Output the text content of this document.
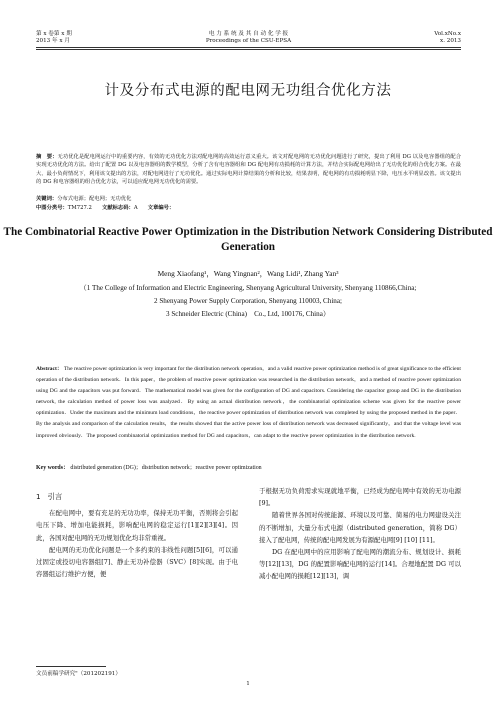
第 x 卷第 x 期
2013 年 x 月
电 力 系 统 及 其 自 动 化 学 报
Proceedings of the CSU-EPSA
Vol.xNo.x
x. 2013
计及分布式电源的配电网无功组合优化方法
摘　要：无功优化是配电网运行中的重要内容，有效的无功优化方法对配电网的高效运行意义重大。该文对配电网的无功优化问题进行了研究，提出了利用 DG 以及电容器组的配合实现无功优化的方法。给出了配置 DG 以及电容器组的数学模型，分析了含有电容器组和 DG 配电网有功损耗的计算方法，并结合实际配电网给出了无功优化的组合优化方案。在最大、最小负荷情况下，利用该文提出的方法，对配电网进行了无功优化。通过实际电网计算结果的分析和比较，结果表明，配电网的有功损耗明显下降，电压水平明显改善。该文提出的 DG 和电容器组的组合优化方法，可以适应配电网无功优化的需要。
关键词：分布式电源；配电网；无功优化
中图分类号：TM727.2 文献标志码：A 文章编号：
The Combinatorial Reactive Power Optimization in the Distribution Network Considering Distributed Generation
Meng Xiaofang¹，Wang Yingnan²，Wang Lidi¹, Zhang Yan³
（1 The College of Information and Electric Engineering, Shenyang Agricultural University, Shenyang 110866,China;
2 Shenyang Power Supply Corporation, Shenyang 110003, China;
3 Schneider Electric (China)　Co., Ltd, 100176, China）
Abstract： The reactive power optimization is very important for the distribution network operation，and a valid reactive power optimization method is of great significance to the efficient operation of the distribution network．In this paper，the problem of reactive power optimization was researched in the distribution network，and a method of reactive power optimization using DG and the capacitors was put forward．The mathematical model was given for the configuration of DG and capacitors. Considering the capacitor group and DG in the distribution network, the calculation method of power loss was analyzed．By using an actual distribution network，the combinatorial optimization scheme was given for the reactive power optimization．Under the maximum and the minimum load conditions，the reactive power optimization of distribution network was completed by using the proposed method in the paper．By the analysis and comparison of the calculation results，the results showed that the active power loss of distribution network was decreased significantly，and that the voltage level was improved obviously．The proposed combinatorial optimization method for DG and capacitors，can adapt to the reactive power optimization in the distribution network.
Key words： distributed generation (DG)；distribution network；reactive power optimization

1　引言

在配电网中，要有充足的无功功率，保持无功平衡，否则将会引起电压下降、增加电能损耗，影响配电网的稳定运行[1][2][3][4]。因此，各国对配电网的无功规划优化均非常重视。

配电网的无功优化问题是一个多约束的非线性问题[5][6]，可以通过固定或投切电容器组[7]、静止无功补偿器（SVC）[8]实现。由于电容器组运行维护方便，便

于根据无功负荷需求实现就地平衡，已经成为配电网中有效的无功电源[9]。

随着世界各国对传统能源、环境以及可靠、简易的电力网建设关注的不断增加，大量分布式电源（distributed generation，简称 DG）接入了配电网，传统的配电网发展为有源配电网[9] [10] [11]。

DG 在配电网中的应用影响了配电网的潮流分布、规划设计、损耗等[12][13]，DG 的配置影响配电网的运行[14]。合理地配置 DG 可以减小配电网的损耗[12][13]，调

文员前稿学研究"（201202191）
1
